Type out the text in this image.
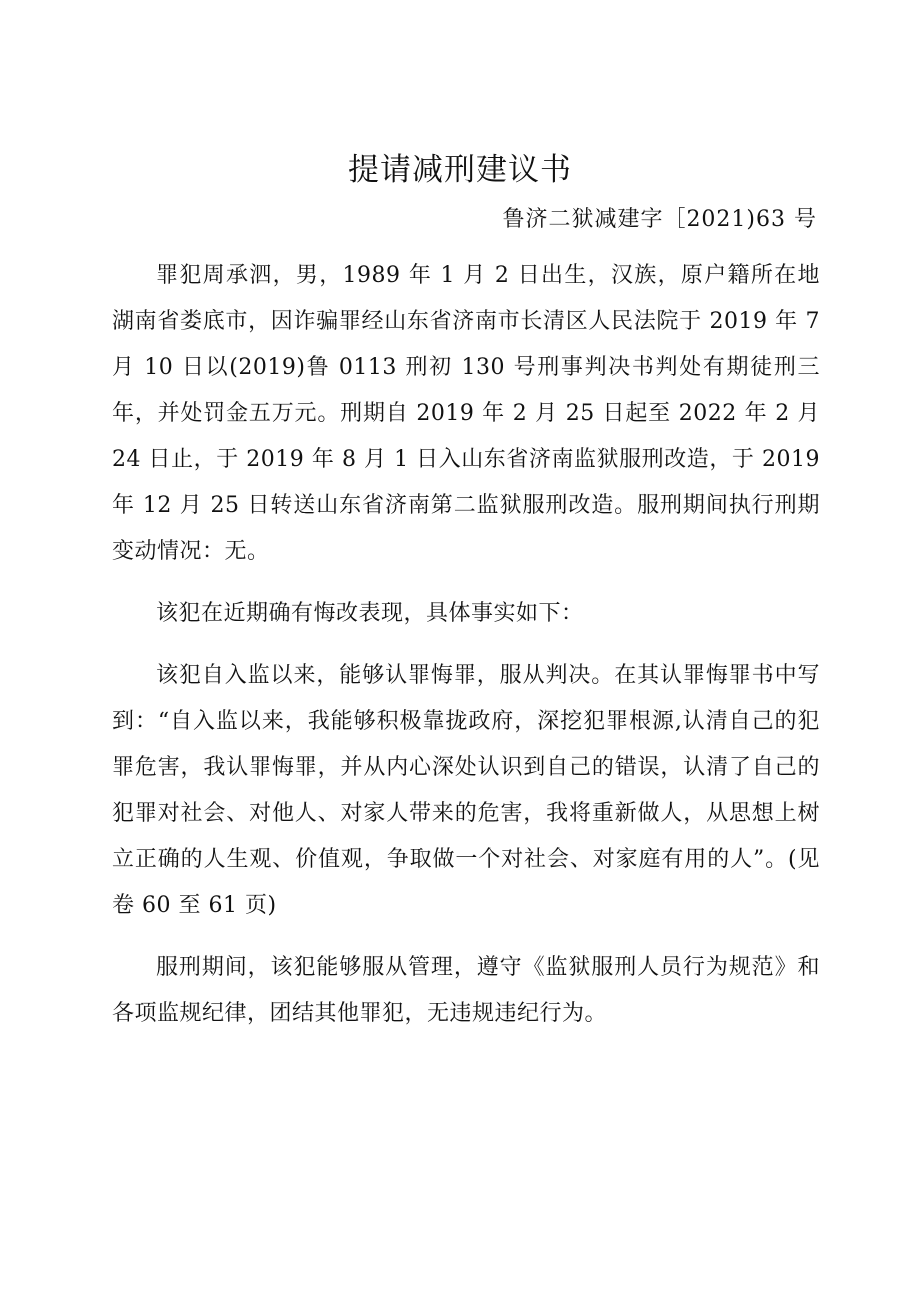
提请减刑建议书
鲁济二狱减建字［2021)63 号

罪犯周承泗，男，1989 年 1 月 2 日出生，汉族，原户籍所在地湖南省娄底市，因诈骗罪经山东省济南市长清区人民法院于 2019 年 7 月 10 日以(2019)鲁 0113 刑初 130 号刑事判决书判处有期徒刑三年，并处罚金五万元。刑期自 2019 年 2 月 25 日起至 2022 年 2 月 24 日止，于 2019 年 8 月 1 日入山东省济南监狱服刑改造，于 2019 年 12 月 25 日转送山东省济南第二监狱服刑改造。服刑期间执行刑期变动情况：无。

该犯在近期确有悔改表现，具体事实如下：

该犯自入监以来，能够认罪悔罪，服从判决。在其认罪悔罪书中写到：“自入监以来，我能够积极靠拢政府，深挖犯罪根源,认清自己的犯罪危害，我认罪悔罪，并从内心深处认识到自己的错误，认清了自己的犯罪对社会、对他人、对家人带来的危害，我将重新做人，从思想上树立正确的人生观、价值观，争取做一个对社会、对家庭有用的人”。(见卷 60 至 61 页)

服刑期间，该犯能够服从管理，遵守《监狱服刑人员行为规范》和各项监规纪律，团结其他罪犯，无违规违纪行为。
